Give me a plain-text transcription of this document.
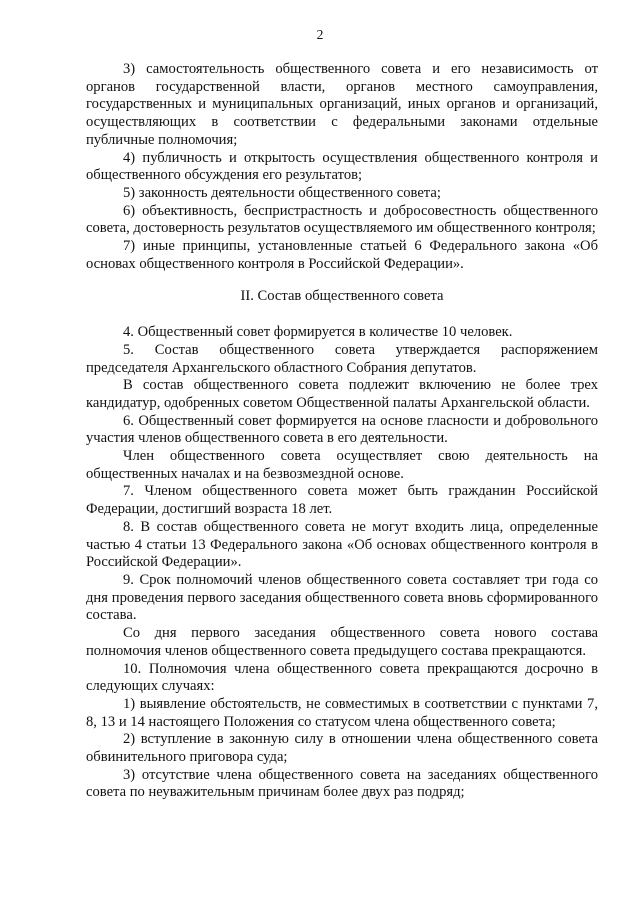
2

3) самостоятельность общественного совета и его независимость от органов государственной власти, органов местного самоуправления, государственных и муниципальных организаций, иных органов и организаций, осуществляющих в соответствии с федеральными законами отдельные публичные полномочия;

4) публичность и открытость осуществления общественного контроля и общественного обсуждения его результатов;

5) законность деятельности общественного совета;

6) объективность, беспристрастность и добросовестность общественного совета, достоверность результатов осуществляемого им общественного контроля;

7) иные принципы, установленные статьей 6 Федерального закона «Об основах общественного контроля в Российской Федерации».

II. Состав общественного совета

4. Общественный совет формируется в количестве 10 человек.

5. Состав общественного совета утверждается распоряжением председателя Архангельского областного Собрания депутатов.

В состав общественного совета подлежит включению не более трех кандидатур, одобренных советом Общественной палаты Архангельской области.

6. Общественный совет формируется на основе гласности и добровольного участия членов общественного совета в его деятельности.

Член общественного совета осуществляет свою деятельность на общественных началах и на безвозмездной основе.

7. Членом общественного совета может быть гражданин Российской Федерации, достигший возраста 18 лет.

8. В состав общественного совета не могут входить лица, определенные частью 4 статьи 13 Федерального закона «Об основах общественного контроля в Российской Федерации».

9. Срок полномочий членов общественного совета составляет три года со дня проведения первого заседания общественного совета вновь сформированного состава.

Со дня первого заседания общественного совета нового состава полномочия членов общественного совета предыдущего состава прекращаются.

10. Полномочия члена общественного совета прекращаются досрочно в следующих случаях:

1) выявление обстоятельств, не совместимых в соответствии с пунктами 7, 8, 13 и 14 настоящего Положения со статусом члена общественного совета;

2) вступление в законную силу в отношении члена общественного совета обвинительного приговора суда;

3) отсутствие члена общественного совета на заседаниях общественного совета по неуважительным причинам более двух раз подряд;
